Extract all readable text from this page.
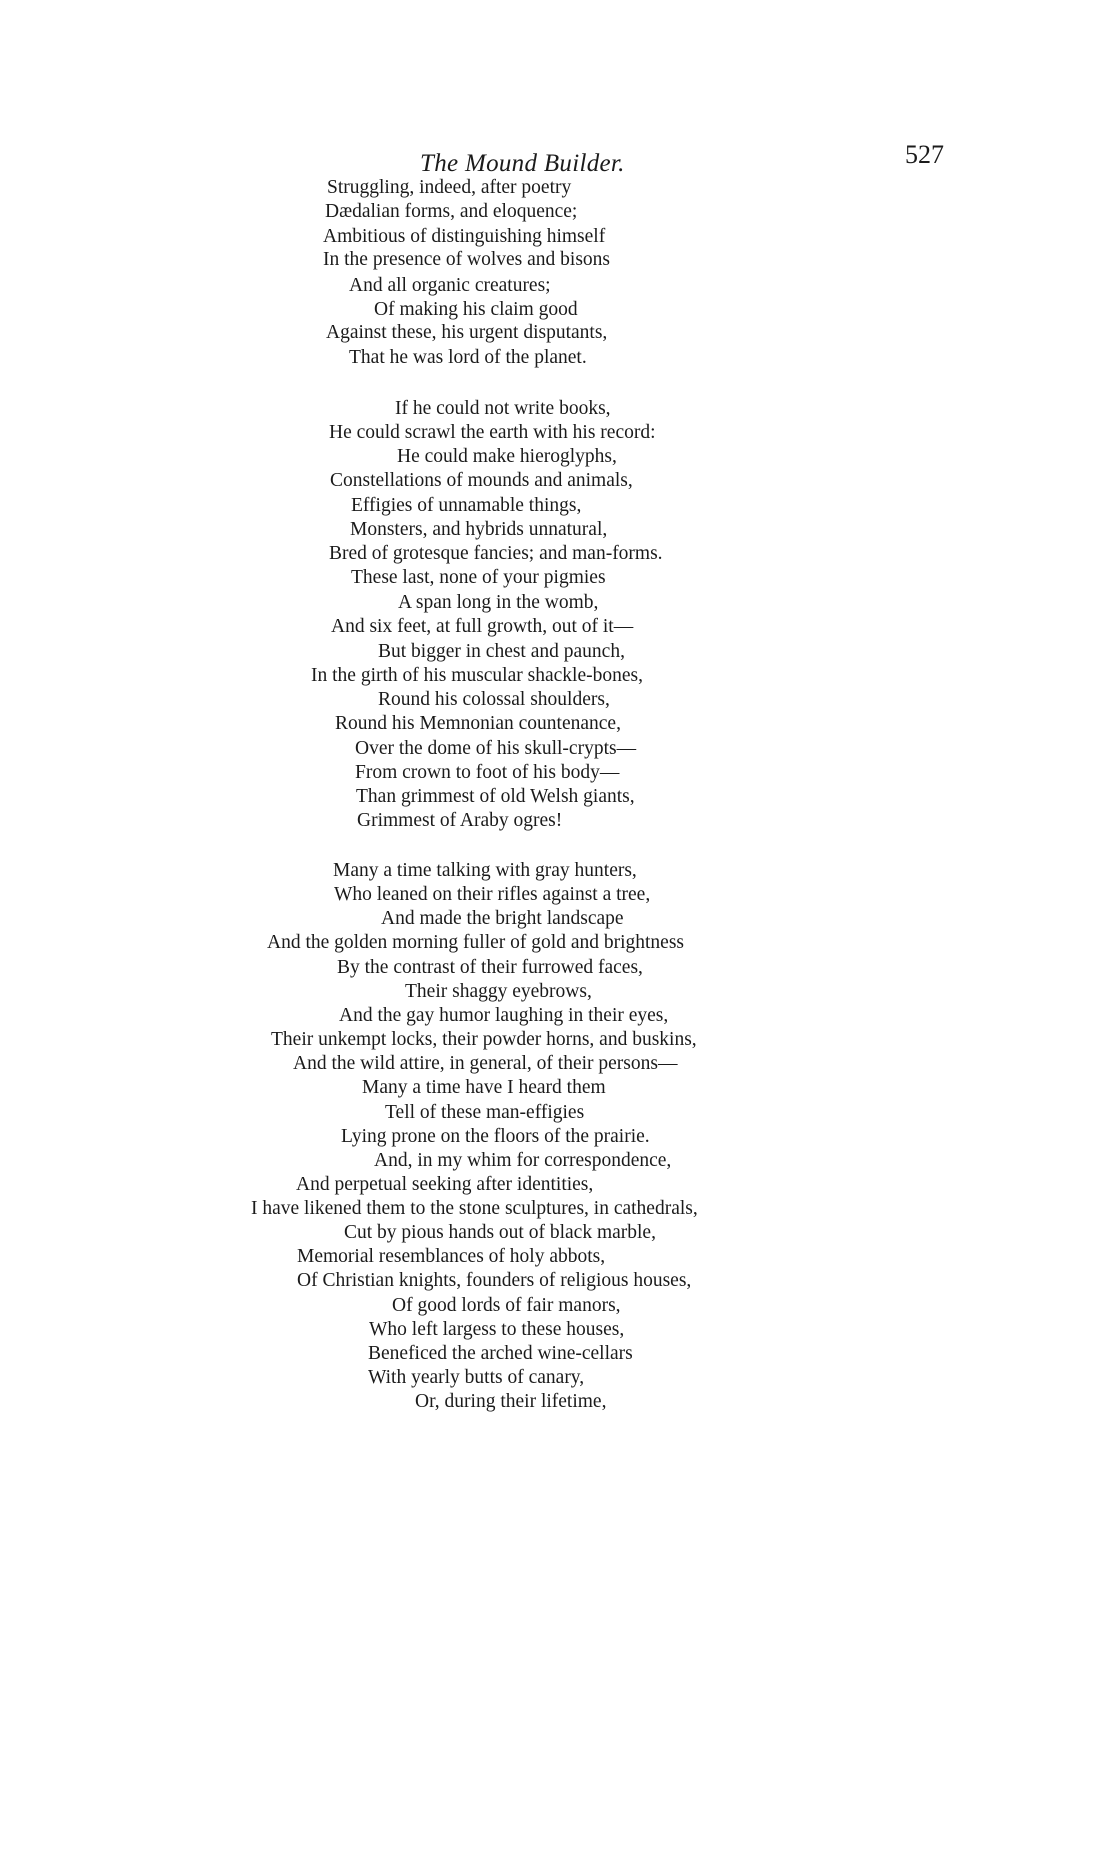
The Mound Builder.	527
Struggling, indeed, after poetry
Dædalian forms, and eloquence;
Ambitious of distinguishing himself
In the presence of wolves and bisons
And all organic creatures;
Of making his claim good
Against these, his urgent disputants,
That he was lord of the planet.
If he could not write books,
He could scrawl the earth with his record:
He could make hieroglyphs,
Constellations of mounds and animals,
Effigies of unnamable things,
Monsters, and hybrids unnatural,
Bred of grotesque fancies; and man-forms.
These last, none of your pigmies
A span long in the womb,
And six feet, at full growth, out of it—
But bigger in chest and paunch,
In the girth of his muscular shackle-bones,
Round his colossal shoulders,
Round his Memnonian countenance,
Over the dome of his skull-crypts—
From crown to foot of his body—
Than grimmest of old Welsh giants,
Grimmest of Araby ogres!
Many a time talking with gray hunters,
Who leaned on their rifles against a tree,
And made the bright landscape
And the golden morning fuller of gold and brightness
By the contrast of their furrowed faces,
Their shaggy eyebrows,
And the gay humor laughing in their eyes,
Their unkempt locks, their powder horns, and buskins,
And the wild attire, in general, of their persons—
Many a time have I heard them
Tell of these man-effigies
Lying prone on the floors of the prairie.
And, in my whim for correspondence,
And perpetual seeking after identities,
I have likened them to the stone sculptures, in cathedrals,
Cut by pious hands out of black marble,
Memorial resemblances of holy abbots,
Of Christian knights, founders of religious houses,
Of good lords of fair manors,
Who left largess to these houses,
Beneficed the arched wine-cellars
With yearly butts of canary,
Or, during their lifetime,
